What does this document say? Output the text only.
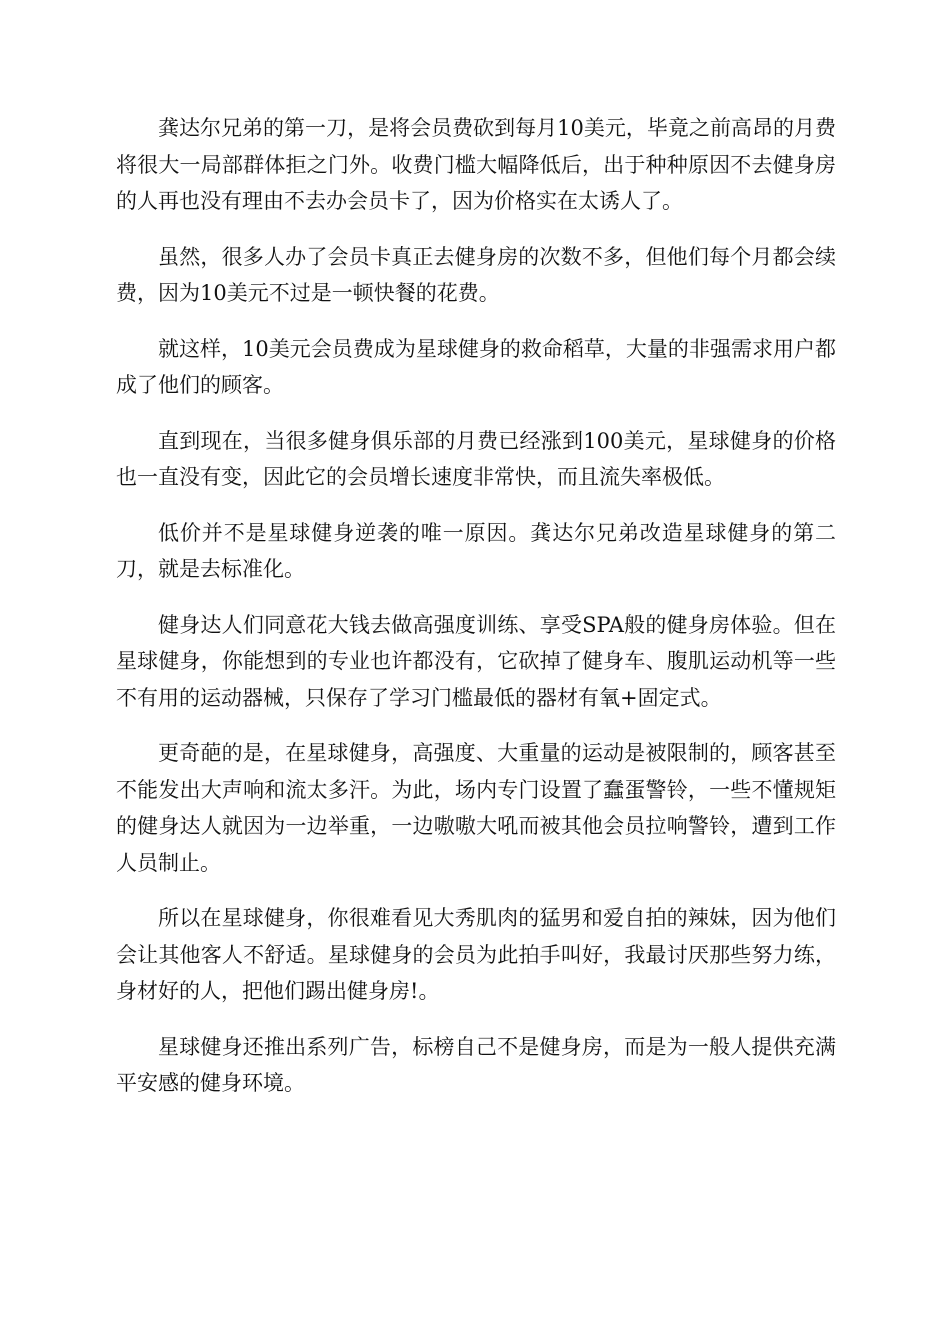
龚达尔兄弟的第一刀，是将会员费砍到每月10美元，毕竟之前高昂的月费将很大一局部群体拒之门外。收费门槛大幅降低后，出于种种原因不去健身房的人再也没有理由不去办会员卡了，因为价格实在太诱人了。

虽然，很多人办了会员卡真正去健身房的次数不多，但他们每个月都会续费，因为10美元不过是一顿快餐的花费。

就这样，10美元会员费成为星球健身的救命稻草，大量的非强需求用户都成了他们的顾客。

直到现在，当很多健身俱乐部的月费已经涨到100美元，星球健身的价格也一直没有变，因此它的会员增长速度非常快，而且流失率极低。

低价并不是星球健身逆袭的唯一原因。龚达尔兄弟改造星球健身的第二刀，就是去标准化。

健身达人们同意花大钱去做高强度训练、享受SPA般的健身房体验。但在星球健身，你能想到的专业也许都没有，它砍掉了健身车、腹肌运动机等一些不有用的运动器械，只保存了学习门槛最低的器材有氧+固定式。

更奇葩的是，在星球健身，高强度、大重量的运动是被限制的，顾客甚至不能发出大声响和流太多汗。为此，场内专门设置了蠢蛋警铃，一些不懂规矩的健身达人就因为一边举重，一边嗷嗷大吼而被其他会员拉响警铃，遭到工作人员制止。

所以在星球健身，你很难看见大秀肌肉的猛男和爱自拍的辣妹，因为他们会让其他客人不舒适。星球健身的会员为此拍手叫好，我最讨厌那些努力练，身材好的人，把他们踢出健身房!。

星球健身还推出系列广告，标榜自己不是健身房，而是为一般人提供充满平安感的健身环境。
